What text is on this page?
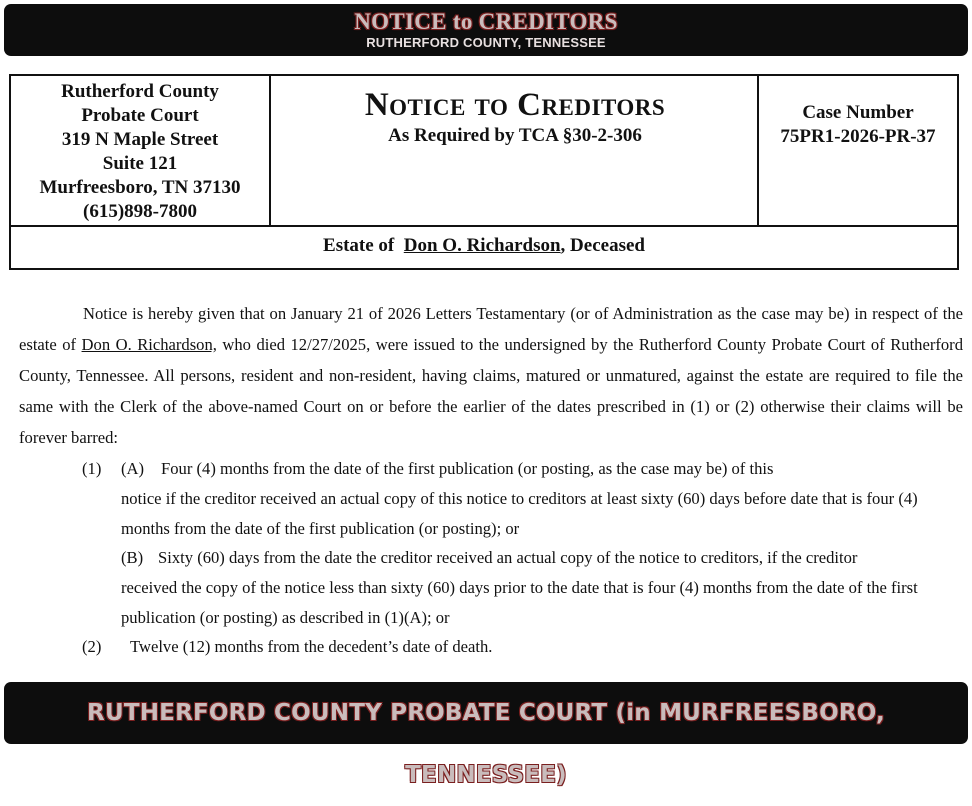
NOTICE to CREDITORS
RUTHERFORD COUNTY, TENNESSEE
Rutherford County
Probate Court
319 N Maple Street
Suite 121
Murfreesboro, TN 37130
(615)898-7800
Notice to Creditors
As Required by TCA §30-2-306
Case Number
75PR1-2026-PR-37
Estate of Don O. Richardson, Deceased

Notice is hereby given that on January 21 of 2026 Letters Testamentary (or of Administration as the case may be) in respect of the estate of Don O. Richardson, who died 12/27/2025, were issued to the undersigned by the Rutherford County Probate Court of Rutherford County, Tennessee. All persons, resident and non-resident, having claims, matured or unmatured, against the estate are required to file the same with the Clerk of the above-named Court on or before the earlier of the dates prescribed in (1) or (2) otherwise their claims will be forever barred:

(1) (A) Four (4) months from the date of the first publication (or posting, as the case may be) of this
notice if the creditor received an actual copy of this notice to creditors at least sixty (60) days before date that is four (4)
months from the date of the first publication (or posting); or
(B) Sixty (60) days from the date the creditor received an actual copy of the notice to creditors, if the creditor
received the copy of the notice less than sixty (60) days prior to the date that is four (4) months from the date of the first
publication (or posting) as described in (1)(A); or
(2) Twelve (12) months from the decedent’s date of death.
RUTHERFORD COUNTY PROBATE COURT (in MURFREESBORO, TENNESSEE)
